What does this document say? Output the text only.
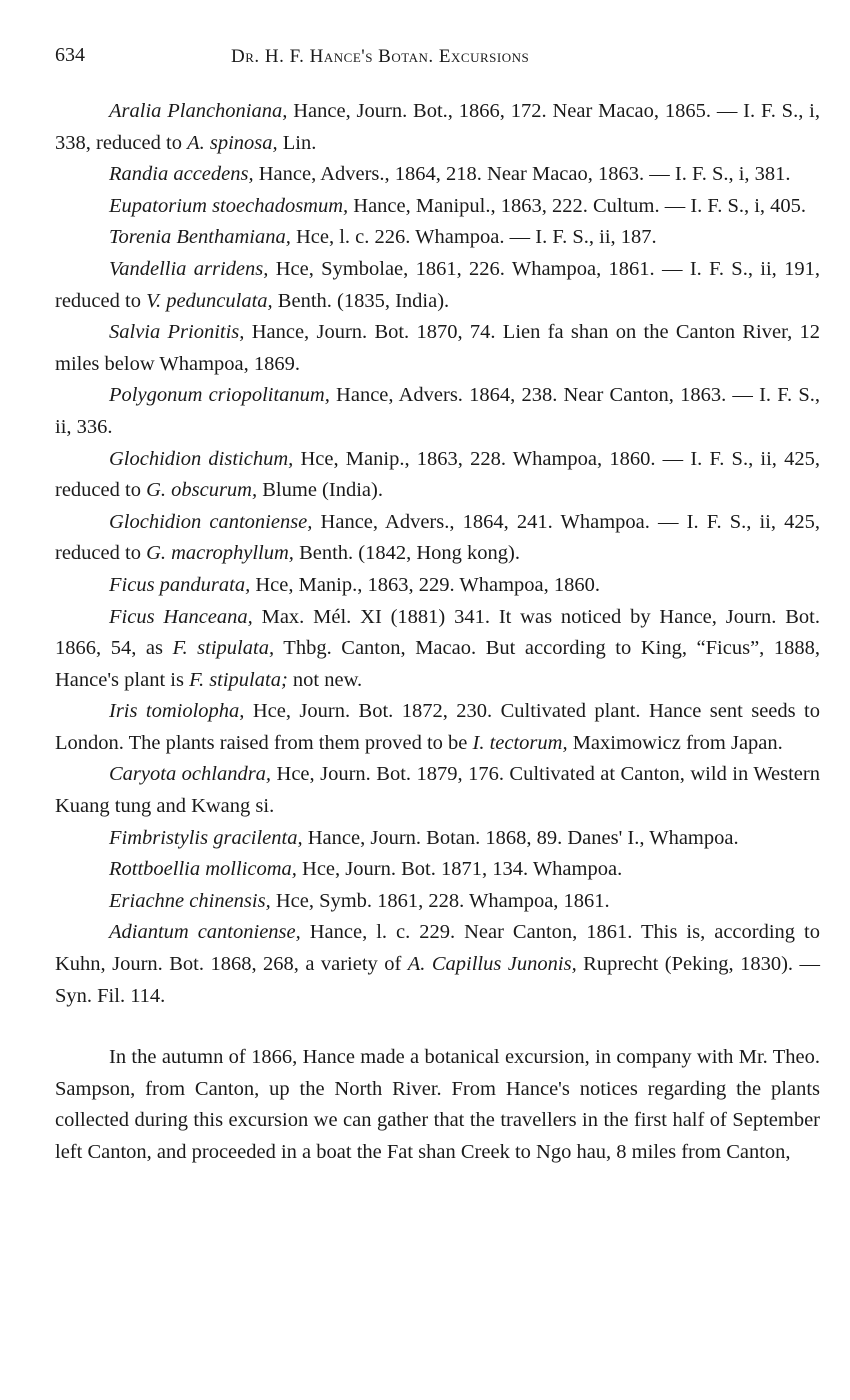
634	Dr. H. F. Hance's Botan. Excursions

Aralia Planchoniana, Hance, Journ. Bot., 1866, 172. Near Macao, 1865. — I. F. S., i, 338, reduced to A. spinosa, Lin.

Randia accedens, Hance, Advers., 1864, 218. Near Macao, 1863. — I. F. S., i, 381.

Eupatorium stoechadosmum, Hance, Manipul., 1863, 222. Cultum. — I. F. S., i, 405.

Torenia Benthamiana, Hce, l. c. 226. Whampoa. — I. F. S., ii, 187.

Vandellia arridens, Hce, Symbolae, 1861, 226. Whampoa, 1861. — I. F. S., ii, 191, reduced to V. pedunculata, Benth. (1835, India).

Salvia Prionitis, Hance, Journ. Bot. 1870, 74. Lien fa shan on the Canton River, 12 miles below Whampoa, 1869.

Polygonum criopolitanum, Hance, Advers. 1864, 238. Near Canton, 1863. — I. F. S., ii, 336.

Glochidion distichum, Hce, Manip., 1863, 228. Whampoa, 1860. — I. F. S., ii, 425, reduced to G. obscurum, Blume (India).

Glochidion cantoniense, Hance, Advers., 1864, 241. Whampoa. — I. F. S., ii, 425, reduced to G. macrophyllum, Benth. (1842, Hong kong).

Ficus pandurata, Hce, Manip., 1863, 229. Whampoa, 1860.

Ficus Hanceana, Max. Mél. XI (1881) 341. It was noticed by Hance, Journ. Bot. 1866, 54, as F. stipulata, Thbg. Canton, Macao. But according to King, “Ficus”, 1888, Hance's plant is F. stipulata; not new.

Iris tomiolopha, Hce, Journ. Bot. 1872, 230. Cultivated plant. Hance sent seeds to London. The plants raised from them proved to be I. tectorum, Maximowicz from Japan.

Caryota ochlandra, Hce, Journ. Bot. 1879, 176. Cultivated at Canton, wild in Western Kuang tung and Kwang si.

Fimbristylis gracilenta, Hance, Journ. Botan. 1868, 89. Danes' I., Whampoa.

Rottboellia mollicoma, Hce, Journ. Bot. 1871, 134. Whampoa.

Eriachne chinensis, Hce, Symb. 1861, 228. Whampoa, 1861.

Adiantum cantoniense, Hance, l. c. 229. Near Canton, 1861. This is, according to Kuhn, Journ. Bot. 1868, 268, a variety of A. Capillus Junonis, Ruprecht (Peking, 1830). — Syn. Fil. 114.

In the autumn of 1866, Hance made a botanical excursion, in company with Mr. Theo. Sampson, from Canton, up the North River. From Hance's notices regarding the plants collected during this excursion we can gather that the travellers in the first half of September left Canton, and proceeded in a boat the Fat shan Creek to Ngo hau, 8 miles from Canton,
